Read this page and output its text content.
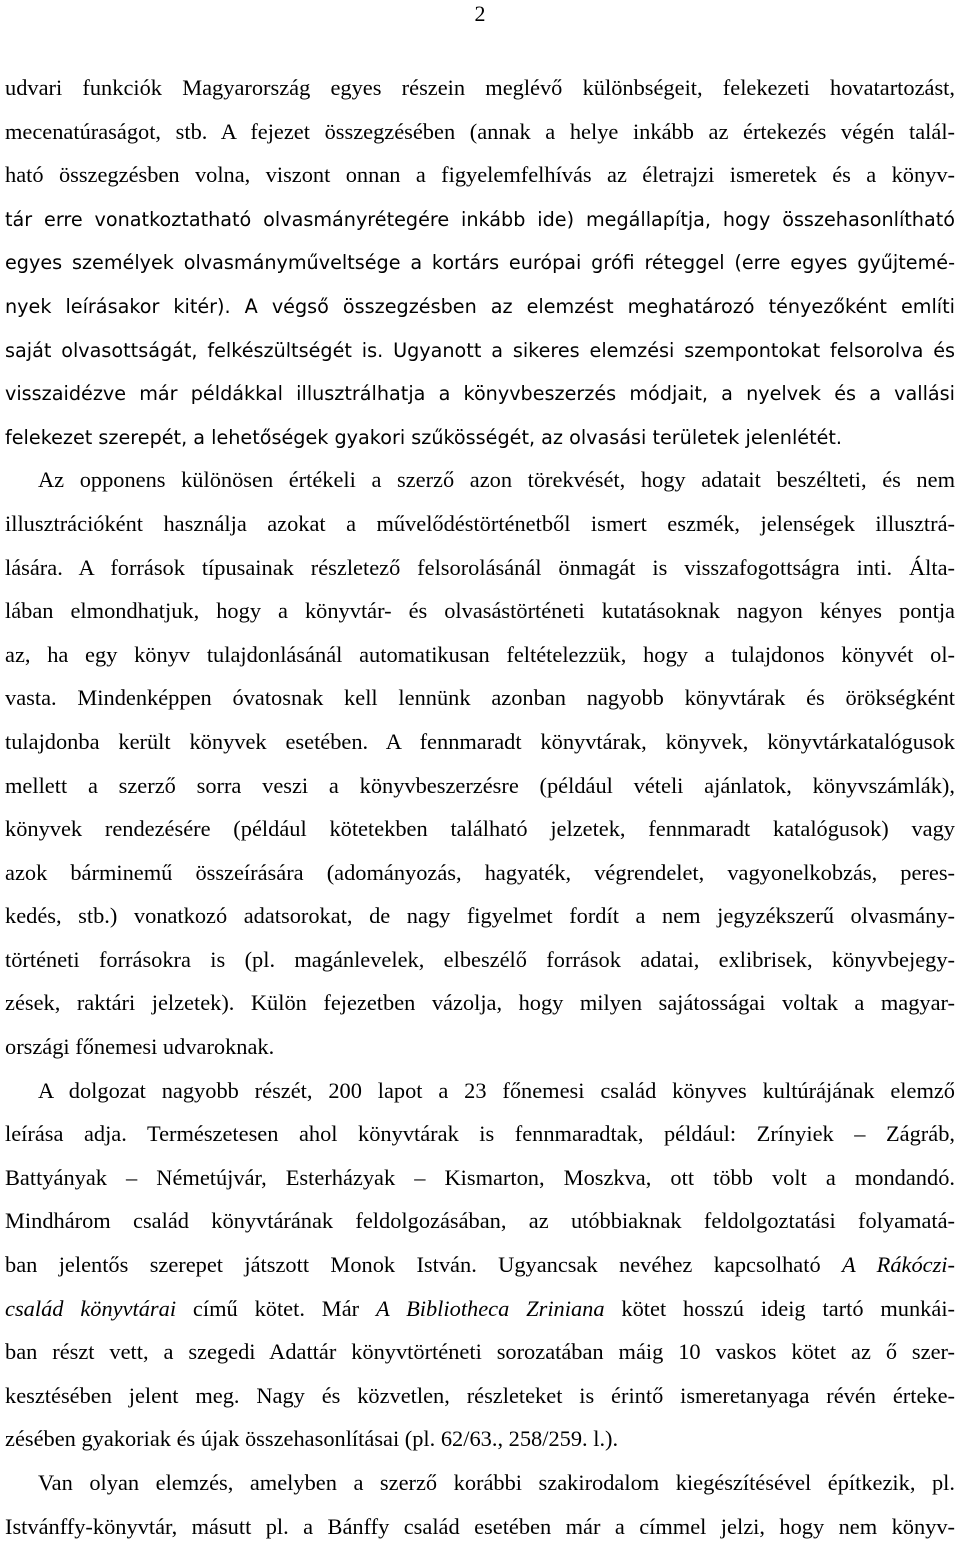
2
udvari funkciók Magyarország egyes részein meglévő különbségeit, felekezeti hovatartozást,
mecenatúraságot, stb. A fejezet összegzésében (annak a helye inkább az értekezés végén talál-
ható összegzésben volna, viszont onnan a figyelemfelhívás az életrajzi ismeretek és a könyv-
tár erre vonatkoztatható olvasmányrétegére inkább ide) megállapítja, hogy összehasonlítható
egyes személyek olvasmányműveltsége a kortárs európai grófi réteggel (erre egyes gyűjtemé-
nyek leírásakor kitér). A végső összegzésben az elemzést meghatározó tényezőként említi
saját olvasottságát, felkészültségét is. Ugyanott a sikeres elemzési szempontokat felsorolva és
visszaidézve már példákkal illusztrálhatja a könyvbeszerzés módjait, a nyelvek és a vallási
felekezet szerepét, a lehetőségek gyakori szűkösségét, az olvasási területek jelenlétét.
Az opponens különösen értékeli a szerző azon törekvését, hogy adatait beszélteti, és nem
illusztrációként használja azokat a művelődéstörténetből ismert eszmék, jelenségek illusztrá-
lására. A források típusainak részletező felsorolásánál önmagát is visszafogottságra inti. Álta-
lában elmondhatjuk, hogy a könyvtár- és olvasástörténeti kutatásoknak nagyon kényes pontja
az, ha egy könyv tulajdonlásánál automatikusan feltételezzük, hogy a tulajdonos könyvét ol-
vasta. Mindenképpen óvatosnak kell lennünk azonban nagyobb könyvtárak és örökségként
tulajdonba került könyvek esetében. A fennmaradt könyvtárak, könyvek, könyvtárkatalógusok
mellett a szerző sorra veszi a könyvbeszerzésre (például vételi ajánlatok, könyvszámlák),
könyvek rendezésére (például kötetekben található jelzetek, fennmaradt katalógusok) vagy
azok bárminemű összeírására (adományozás, hagyaték, végrendelet, vagyonelkobzás, peres-
kedés, stb.) vonatkozó adatsorokat, de nagy figyelmet fordít a nem jegyzékszerű olvasmány-
történeti forrásokra is (pl. magánlevelek, elbeszélő források adatai, exlibrisek, könyvbejegy-
zések, raktári jelzetek). Külön fejezetben vázolja, hogy milyen sajátosságai voltak a magyar-
országi főnemesi udvaroknak.
A dolgozat nagyobb részét, 200 lapot a 23 főnemesi család könyves kultúrájának elemző
leírása adja. Természetesen ahol könyvtárak is fennmaradtak, például: Zrínyiek – Zágráb,
Battyányak – Németújvár, Esterházyak – Kismarton, Moszkva, ott több volt a mondandó.
Mindhárom család könyvtárának feldolgozásában, az utóbbiaknak feldolgoztatási folyamatá-
ban jelentős szerepet játszott Monok István. Ugyancsak nevéhez kapcsolható A Rákóczi-
család könyvtárai című kötet. Már A Bibliotheca Zriniana kötet hosszú ideig tartó munkái-
ban részt vett, a szegedi Adattár könyvtörténeti sorozatában máig 10 vaskos kötet az ő szer-
kesztésében jelent meg. Nagy és közvetlen, részleteket is érintő ismeretanyaga révén érteke-
zésében gyakoriak és újak összehasonlításai (pl. 62/63., 258/259. l.).
Van olyan elemzés, amelyben a szerző korábbi szakirodalom kiegészítésével építkezik, pl.
Istvánffy-könyvtár, másutt pl. a Bánffy család esetében már a címmel jelzi, hogy nem könyv-
